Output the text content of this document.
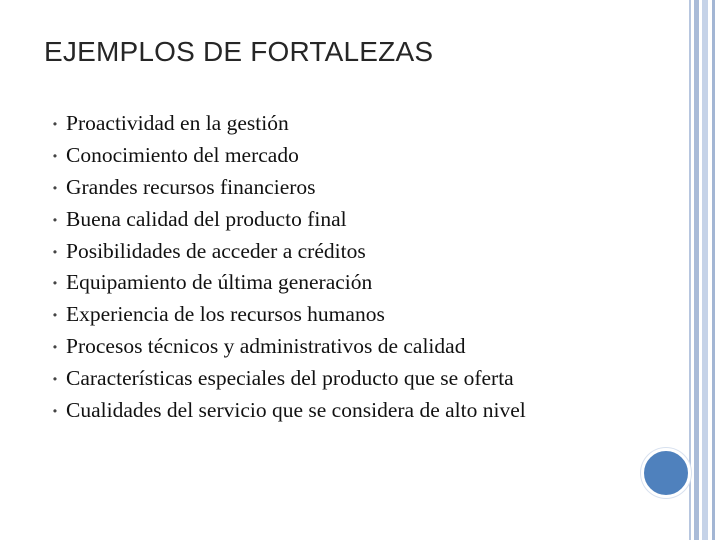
EJEMPLOS DE FORTALEZAS
• Proactividad en la gestión
• Conocimiento del mercado
• Grandes recursos financieros
• Buena calidad del producto final
• Posibilidades de acceder a créditos
• Equipamiento de última generación
• Experiencia de los recursos humanos
• Procesos técnicos y administrativos de calidad
• Características especiales del producto que se oferta
• Cualidades del servicio que se considera de alto nivel
